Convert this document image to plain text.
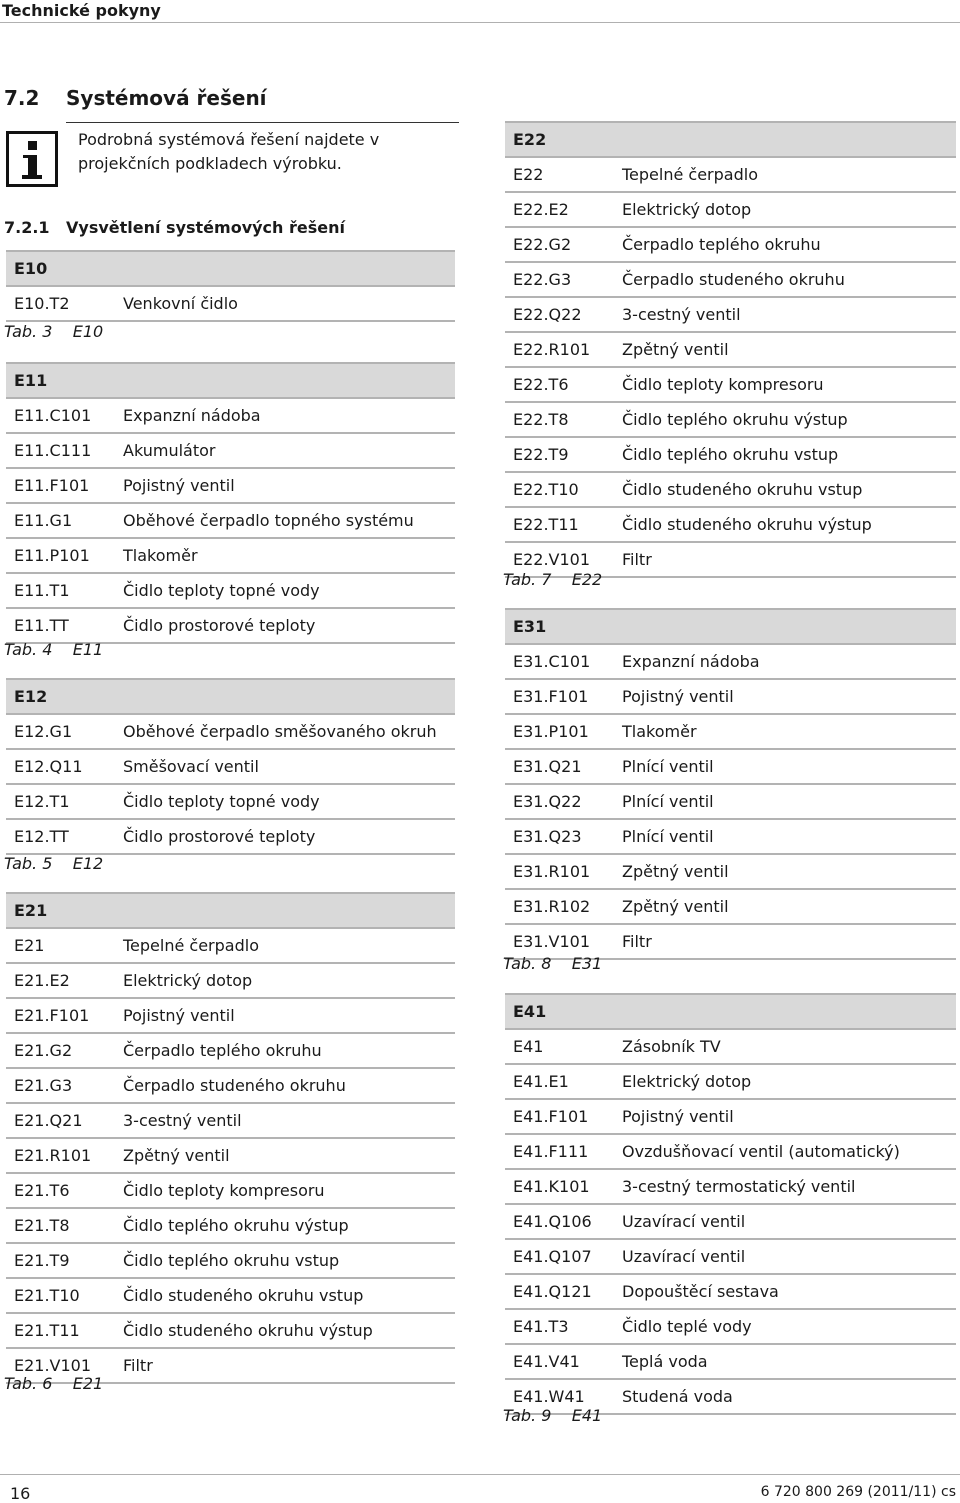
Technické pokyny
7.2 Systémová řešení
Podrobná systémová řešení najdete v projekčních podkladech výrobku.
7.2.1 Vysvětlení systémových řešení
E10	
E10.T2	Venkovní čidlo
Tab. 3 E10
E11	
E11.C101	Expanzní nádoba
E11.C111	Akumulátor
E11.F101	Pojistný ventil
E11.G1	Oběhové čerpadlo topného systému
E11.P101	Tlakoměr
E11.T1	Čidlo teploty topné vody
E11.TT	Čidlo prostorové teploty
Tab. 4 E11
E12	
E12.G1	Oběhové čerpadlo směšovaného okruh
E12.Q11	Směšovací ventil
E12.T1	Čidlo teploty topné vody
E12.TT	Čidlo prostorové teploty
Tab. 5 E12
E21	
E21	Tepelné čerpadlo
E21.E2	Elektrický dotop
E21.F101	Pojistný ventil
E21.G2	Čerpadlo teplého okruhu
E21.G3	Čerpadlo studeného okruhu
E21.Q21	3-cestný ventil
E21.R101	Zpětný ventil
E21.T6	Čidlo teploty kompresoru
E21.T8	Čidlo teplého okruhu výstup
E21.T9	Čidlo teplého okruhu vstup
E21.T10	Čidlo studeného okruhu vstup
E21.T11	Čidlo studeného okruhu výstup
E21.V101	Filtr
Tab. 6 E21
E22	
E22	Tepelné čerpadlo
E22.E2	Elektrický dotop
E22.G2	Čerpadlo teplého okruhu
E22.G3	Čerpadlo studeného okruhu
E22.Q22	3-cestný ventil
E22.R101	Zpětný ventil
E22.T6	Čidlo teploty kompresoru
E22.T8	Čidlo teplého okruhu výstup
E22.T9	Čidlo teplého okruhu vstup
E22.T10	Čidlo studeného okruhu vstup
E22.T11	Čidlo studeného okruhu výstup
E22.V101	Filtr
Tab. 7 E22
E31	
E31.C101	Expanzní nádoba
E31.F101	Pojistný ventil
E31.P101	Tlakoměr
E31.Q21	Plnící ventil
E31.Q22	Plnící ventil
E31.Q23	Plnící ventil
E31.R101	Zpětný ventil
E31.R102	Zpětný ventil
E31.V101	Filtr
Tab. 8 E31
E41	
E41	Zásobník TV
E41.E1	Elektrický dotop
E41.F101	Pojistný ventil
E41.F111	Ovzdušňovací ventil (automatický)
E41.K101	3-cestný termostatický ventil
E41.Q106	Uzavírací ventil
E41.Q107	Uzavírací ventil
E41.Q121	Dopouštěcí sestava
E41.T3	Čidlo teplé vody
E41.V41	Teplá voda
E41.W41	Studená voda
Tab. 9 E41
16	6 720 800 269 (2011/11) cs
